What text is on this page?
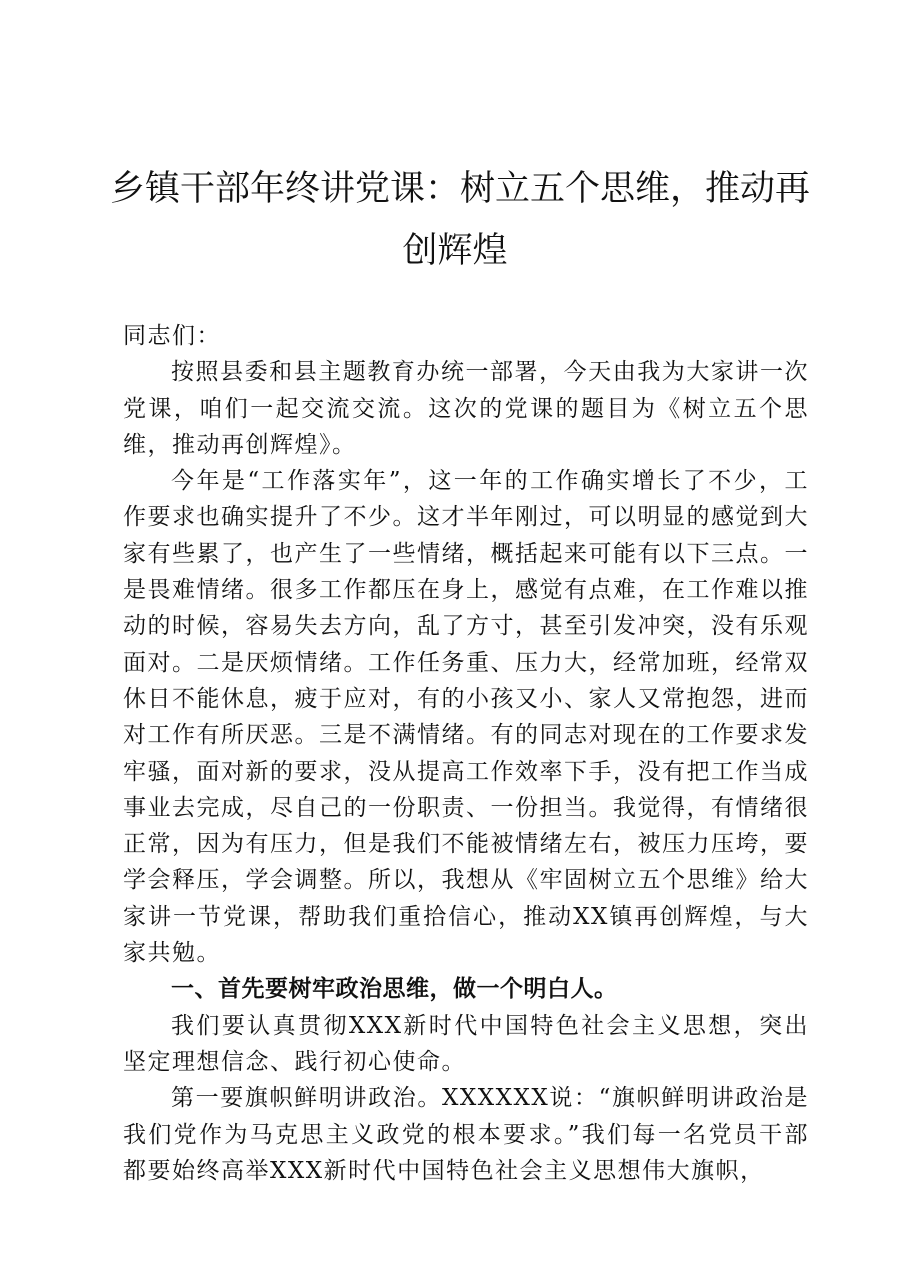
乡镇干部年终讲党课：树立五个思维，推动再
创辉煌

同志们：

按照县委和县主题教育办统一部署，今天由我为大家讲一次党课，咱们一起交流交流。这次的党课的题目为《树立五个思维，推动再创辉煌》。

今年是“工作落实年”，这一年的工作确实增长了不少，工作要求也确实提升了不少。这才半年刚过，可以明显的感觉到大家有些累了，也产生了一些情绪，概括起来可能有以下三点。一是畏难情绪。很多工作都压在身上，感觉有点难，在工作难以推动的时候，容易失去方向，乱了方寸，甚至引发冲突，没有乐观面对。二是厌烦情绪。工作任务重、压力大，经常加班，经常双休日不能休息，疲于应对，有的小孩又小、家人又常抱怨，进而对工作有所厌恶。三是不满情绪。有的同志对现在的工作要求发牢骚，面对新的要求，没从提高工作效率下手，没有把工作当成事业去完成，尽自己的一份职责、一份担当。我觉得，有情绪很正常，因为有压力，但是我们不能被情绪左右，被压力压垮，要学会释压，学会调整。所以，我想从《牢固树立五个思维》给大家讲一节党课，帮助我们重拾信心，推动XX镇再创辉煌，与大家共勉。

一、首先要树牢政治思维，做一个明白人。

我们要认真贯彻XXX新时代中国特色社会主义思想，突出坚定理想信念、践行初心使命。

第一要旗帜鲜明讲政治。XXXXXX说：“旗帜鲜明讲政治是我们党作为马克思主义政党的根本要求。”我们每一名党员干部都要始终高举XXX新时代中国特色社会主义思想伟大旗帜，
